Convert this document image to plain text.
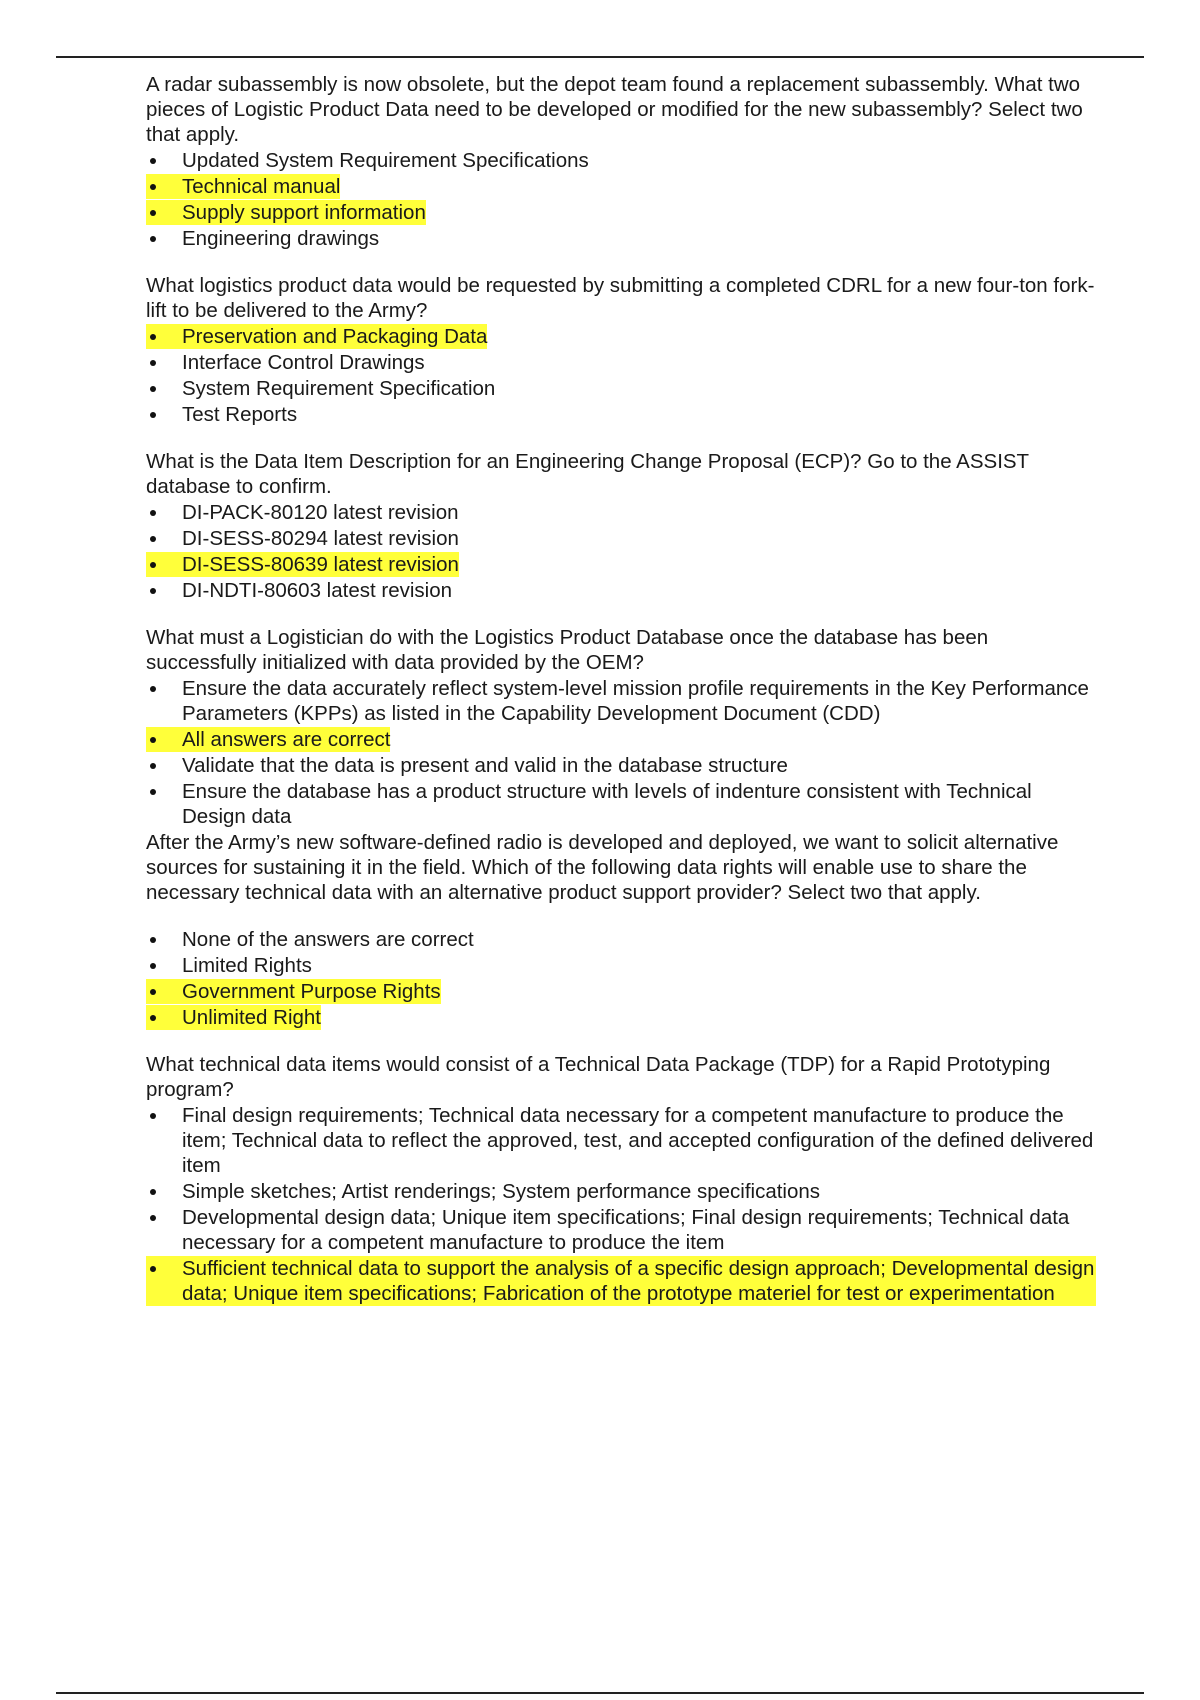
A radar subassembly is now obsolete, but the depot team found a replacement subassembly. What two pieces of Logistic Product Data need to be developed or modified for the new subassembly? Select two that apply.

Updated System Requirement Specifications
Technical manual
Supply support information
Engineering drawings

What logistics product data would be requested by submitting a completed CDRL for a new four-ton fork-lift to be delivered to the Army?

Preservation and Packaging Data
Interface Control Drawings
System Requirement Specification
Test Reports

What is the Data Item Description for an Engineering Change Proposal (ECP)? Go to the ASSIST database to confirm.

DI-PACK-80120 latest revision
DI-SESS-80294 latest revision
DI-SESS-80639 latest revision
DI-NDTI-80603 latest revision

What must a Logistician do with the Logistics Product Database once the database has been successfully initialized with data provided by the OEM?

Ensure the data accurately reflect system-level mission profile requirements in the Key Performance Parameters (KPPs) as listed in the Capability Development Document (CDD)
All answers are correct
Validate that the data is present and valid in the database structure
Ensure the database has a product structure with levels of indenture consistent with Technical Design data

After the Army’s new software-defined radio is developed and deployed, we want to solicit alternative sources for sustaining it in the field. Which of the following data rights will enable use to share the necessary technical data with an alternative product support provider? Select two that apply.

None of the answers are correct
Limited Rights
Government Purpose Rights
Unlimited Right

What technical data items would consist of a Technical Data Package (TDP) for a Rapid Prototyping program?

Final design requirements; Technical data necessary for a competent manufacture to produce the item; Technical data to reflect the approved, test, and accepted configuration of the defined delivered item
Simple sketches; Artist renderings; System performance specifications
Developmental design data; Unique item specifications; Final design requirements; Technical data necessary for a competent manufacture to produce the item
Sufficient technical data to support the analysis of a specific design approach; Developmental design data; Unique item specifications; Fabrication of the prototype materiel for test or experimentation
